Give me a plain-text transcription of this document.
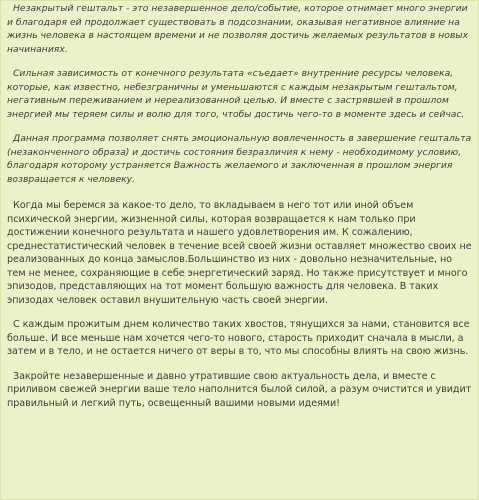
Незакрытый гештальт - это незавершенное дело/событие, которое отнимает много энергии и благодаря ей продолжает существовать в подсознании, оказывая негативное влияние на жизнь человека в настоящем времени и не позволяя достичь желаемых результатов в новых начинаниях.

Сильная зависимость от конечного результата «съедает» внутренние ресурсы человека, которые, как известно, небезграничны и уменьшаются с каждым незакрытым гештальтом, негативным переживанием и нереализованной целью. И вместе с застрявшей в прошлом энергией мы теряем силы и волю для того, чтобы достичь чего-то в моменте здесь и сейчас.

Данная программа позволяет снять эмоциональную вовлеченность в завершение гештальта (незаконченного образа) и достичь состояния безразличия к нему - необходимому условию, благодаря которому устраняется Важность желаемого и заключенная в прошлом энергия возвращается к человеку.

Когда мы беремся за какое-то дело, то вкладываем в него тот или иной объем психической энергии, жизненной силы, которая возвращается к нам только при достижении конечного результата и нашего удовлетворения им. К сожалению, среднестатистический человек в течение всей своей жизни оставляет множество своих не реализованных до конца замыслов.Большинство из них - довольно незначительные, но тем не менее, сохраняющие в себе энергетический заряд. Но также присутствует и много эпизодов, представляющих на тот момент большую важность для человека. В таких эпизодах человек оставил внушительную часть своей энергии.

С каждым прожитым днем количество таких хвостов, тянущихся за нами, становится все больше. И все меньше нам хочется чего-то нового, старость приходит сначала в мысли, а затем и в тело, и не остается ничего от веры в то, что мы способны влиять на свою жизнь.

Закройте незавершенные и давно утратившие свою актуальность дела, и вместе с приливом свежей энергии ваше тело наполнится былой силой, а разум очистится и увидит правильный и легкий путь, освещенный вашими новыми идеями!
